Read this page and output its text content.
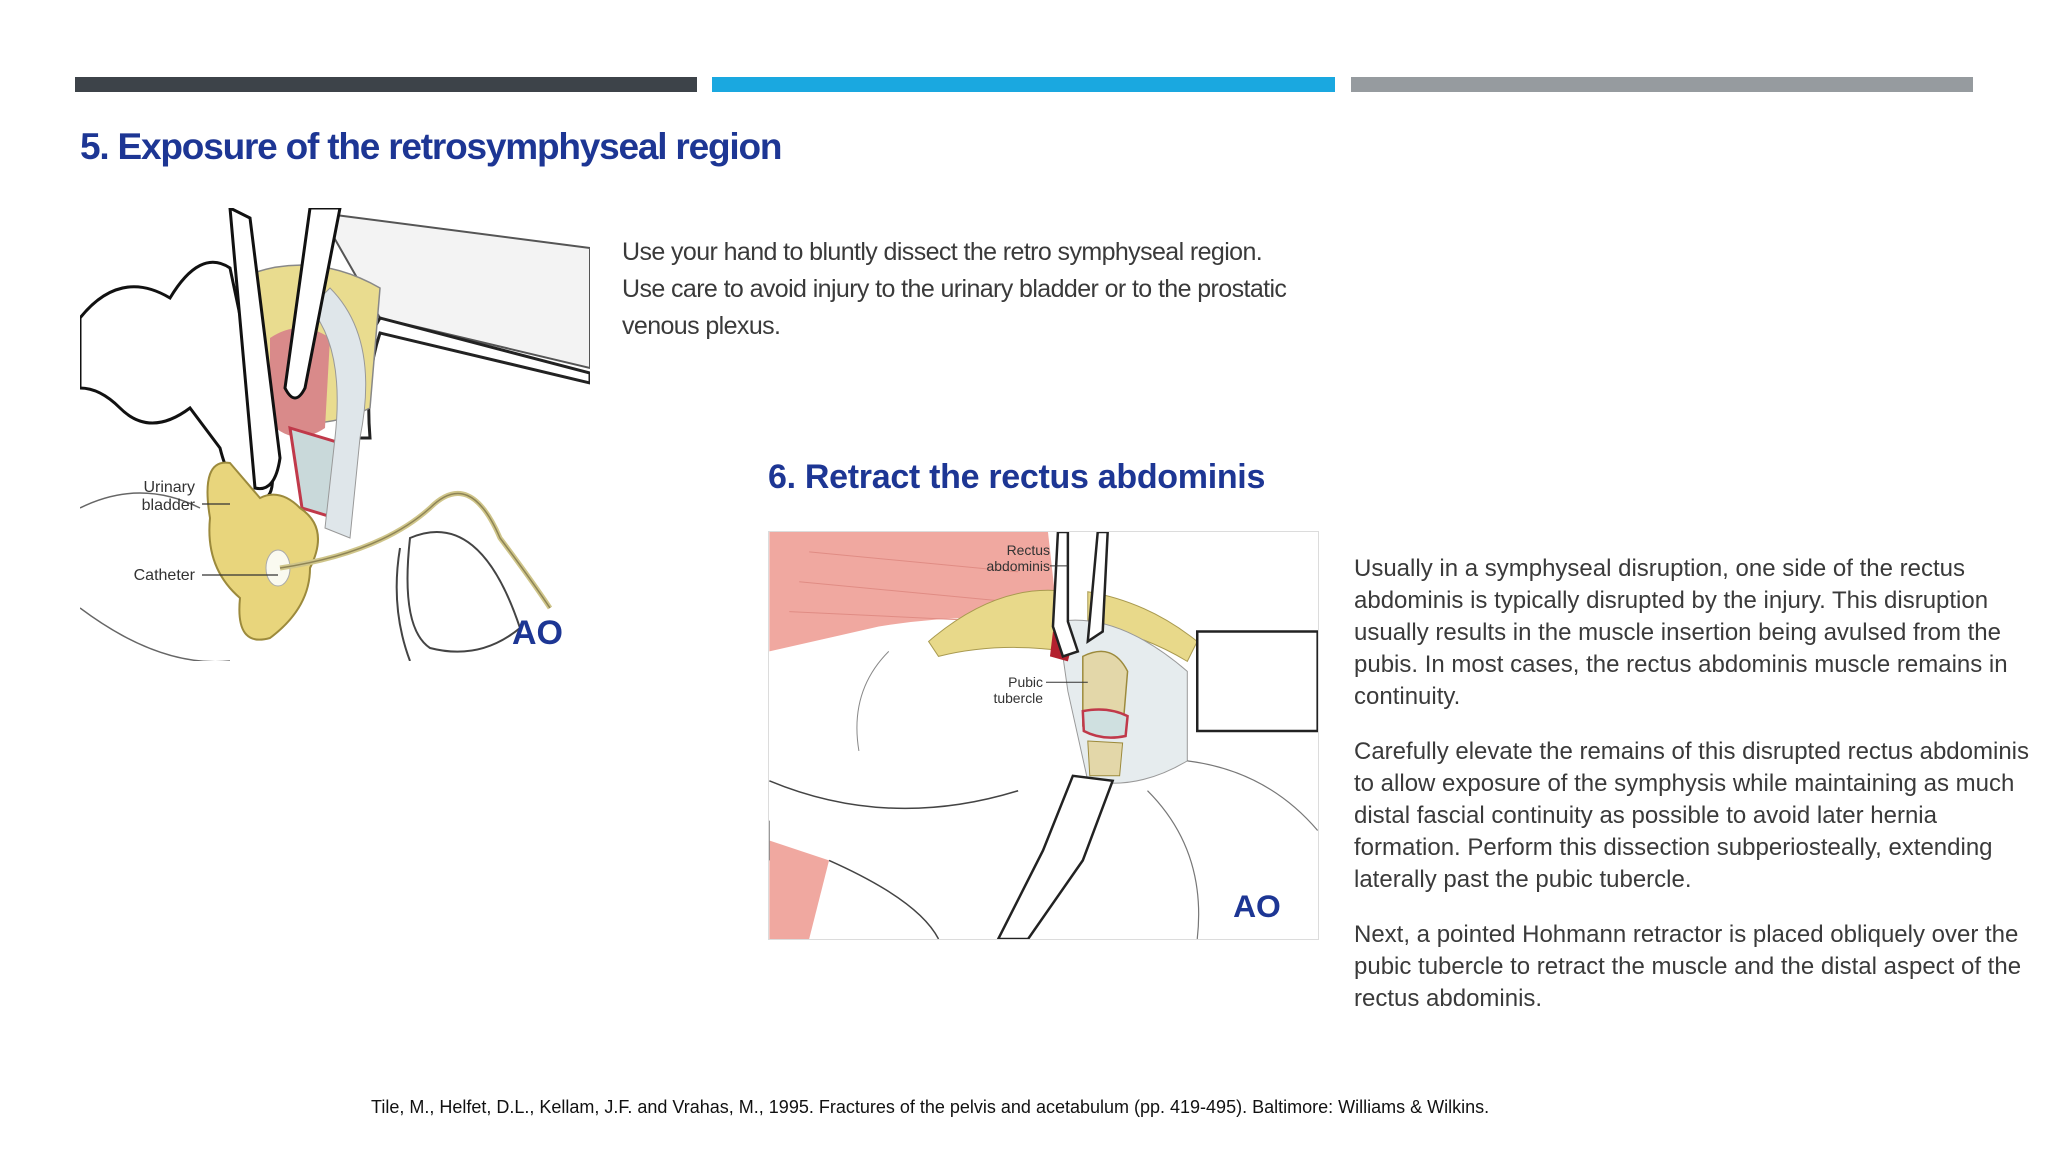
5. Exposure of the retrosymphyseal region
Urinary
bladder
Catheter
AO

Use your hand to bluntly dissect the retro symphyseal region.
Use care to avoid injury to the urinary bladder or to the prostatic
venous plexus.

6. Retract the rectus abdominis
Rectus
abdominis
Pubic
tubercle
AO

Usually in a symphyseal disruption, one side of the rectus abdominis is typically disrupted by the injury. This disruption usually results in the muscle insertion being avulsed from the pubis. In most cases, the rectus abdominis muscle remains in continuity.

Carefully elevate the remains of this disrupted rectus abdominis to allow exposure of the symphysis while maintaining as much distal fascial continuity as possible to avoid later hernia formation. Perform this dissection subperiosteally, extending laterally past the pubic tubercle.

Next, a pointed Hohmann retractor is placed obliquely over the pubic tubercle to retract the muscle and the distal aspect of the rectus abdominis.

Tile, M., Helfet, D.L., Kellam, J.F. and Vrahas, M., 1995. Fractures of the pelvis and acetabulum (pp. 419-495). Baltimore: Williams & Wilkins.
